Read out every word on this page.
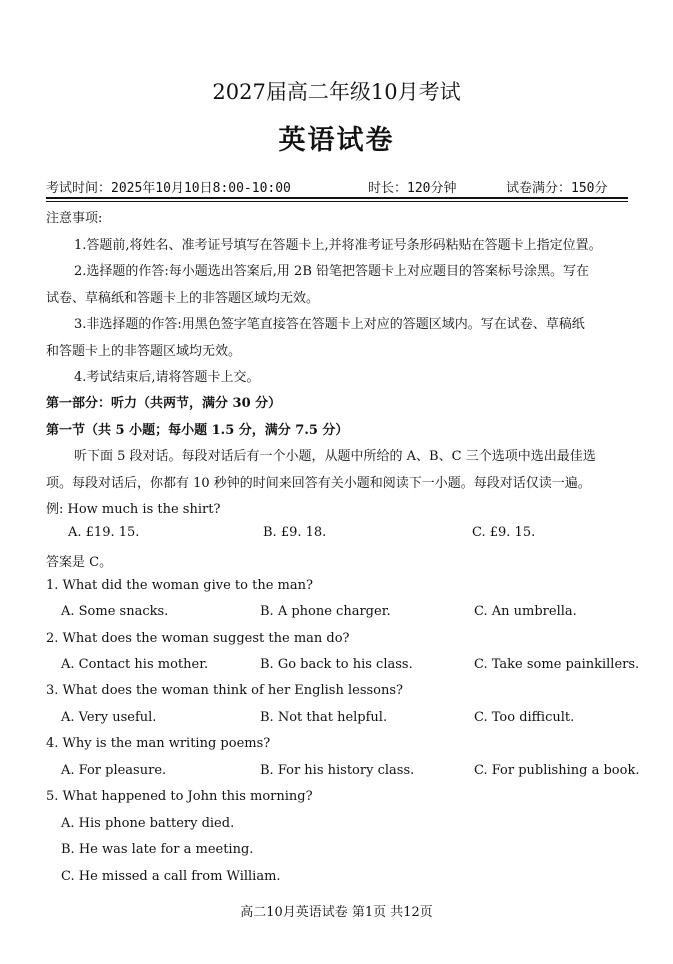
2027届高二年级10月考试
英语试卷
考试时间：2025年10月10日8:00-10:00	时长：120分钟	试卷满分：150分
注意事项:
1.答题前,将姓名、准考证号填写在答题卡上,并将准考证号条形码粘贴在答题卡上指定位置。
2.选择题的作答:每小题选出答案后,用 2B 铅笔把答题卡上对应题目的答案标号涂黑。写在
试卷、草稿纸和答题卡上的非答题区域均无效。
3.非选择题的作答:用黑色签字笔直接答在答题卡上对应的答题区域内。写在试卷、草稿纸
和答题卡上的非答题区域均无效。
4.考试结束后,请将答题卡上交。
第一部分：听力（共两节，满分 30 分）
第一节（共 5 小题；每小题 1.5 分，满分 7.5 分）
听下面 5 段对话。每段对话后有一个小题，从题中所给的 A、B、C 三个选项中选出最佳选
项。每段对话后，你都有 10 秒钟的时间来回答有关小题和阅读下一小题。每段对话仅读一遍。
例: How much is the shirt?
A. £19. 15.	B. £9. 18.	C. £9. 15.
答案是 C。
1. What did the woman give to the man?
A. Some snacks.	B. A phone charger.	C. An umbrella.
2. What does the woman suggest the man do?
A. Contact his mother.	B. Go back to his class.	C. Take some painkillers.
3. What does the woman think of her English lessons?
A. Very useful.	B. Not that helpful.	C. Too difficult.
4. Why is the man writing poems?
A. For pleasure.	B. For his history class.	C. For publishing a book.
5. What happened to John this morning?
A. His phone battery died.
B. He was late for a meeting.
C. He missed a call from William.
高二10月英语试卷 第1页 共12页
